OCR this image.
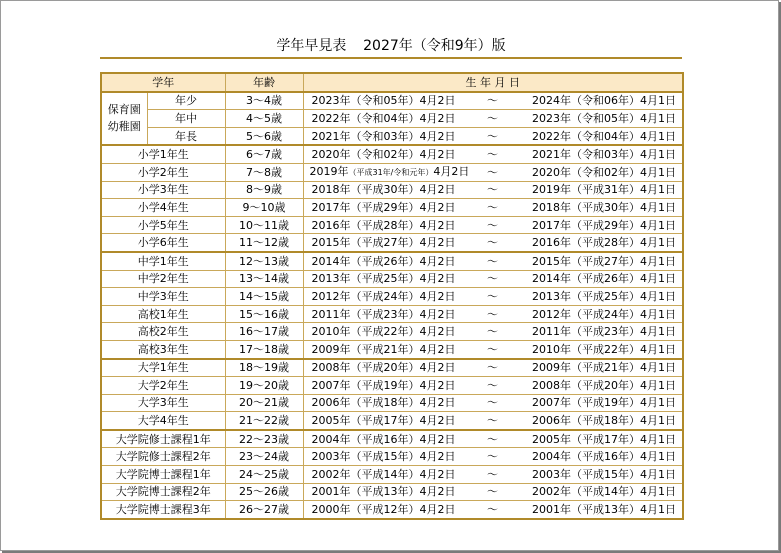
学年早見表　 2027年（令和9年）版
学年		年齢	生 年 月 日
保育園
幼稚園	年少	3～4歳	2023年（令和05年）4月2日 ～ 2024年（令和06年）4月1日

	年中	4～5歳	2022年（令和04年）4月2日 ～ 2023年（令和05年）4月1日

	年長	5～6歳	2021年（令和03年）4月2日 ～ 2022年（令和04年）4月1日

小学1年生		6～7歳	2020年（令和02年）4月2日 ～ 2021年（令和03年）4月1日

小学2年生		7～8歳	2019年（平成31年/令和元年）4月2日 ～ 2020年（令和02年）4月1日

小学3年生		8～9歳	2018年（平成30年）4月2日 ～ 2019年（平成31年）4月1日

小学4年生		9～10歳	2017年（平成29年）4月2日 ～ 2018年（平成30年）4月1日

小学5年生		10～11歳	2016年（平成28年）4月2日 ～ 2017年（平成29年）4月1日

小学6年生		11～12歳	2015年（平成27年）4月2日 ～ 2016年（平成28年）4月1日

中学1年生		12～13歳	2014年（平成26年）4月2日 ～ 2015年（平成27年）4月1日

中学2年生		13～14歳	2013年（平成25年）4月2日 ～ 2014年（平成26年）4月1日

中学3年生		14～15歳	2012年（平成24年）4月2日 ～ 2013年（平成25年）4月1日

高校1年生		15～16歳	2011年（平成23年）4月2日 ～ 2012年（平成24年）4月1日

高校2年生		16～17歳	2010年（平成22年）4月2日 ～ 2011年（平成23年）4月1日

高校3年生		17～18歳	2009年（平成21年）4月2日 ～ 2010年（平成22年）4月1日

大学1年生		18～19歳	2008年（平成20年）4月2日 ～ 2009年（平成21年）4月1日

大学2年生		19～20歳	2007年（平成19年）4月2日 ～ 2008年（平成20年）4月1日

大学3年生		20～21歳	2006年（平成18年）4月2日 ～ 2007年（平成19年）4月1日

大学4年生		21～22歳	2005年（平成17年）4月2日 ～ 2006年（平成18年）4月1日

大学院修士課程1年		22～23歳	2004年（平成16年）4月2日 ～ 2005年（平成17年）4月1日

大学院修士課程2年		23～24歳	2003年（平成15年）4月2日 ～ 2004年（平成16年）4月1日

大学院博士課程1年		24～25歳	2002年（平成14年）4月2日 ～ 2003年（平成15年）4月1日

大学院博士課程2年		25～26歳	2001年（平成13年）4月2日 ～ 2002年（平成14年）4月1日

大学院博士課程3年		26～27歳	2000年（平成12年）4月2日 ～ 2001年（平成13年）4月1日
